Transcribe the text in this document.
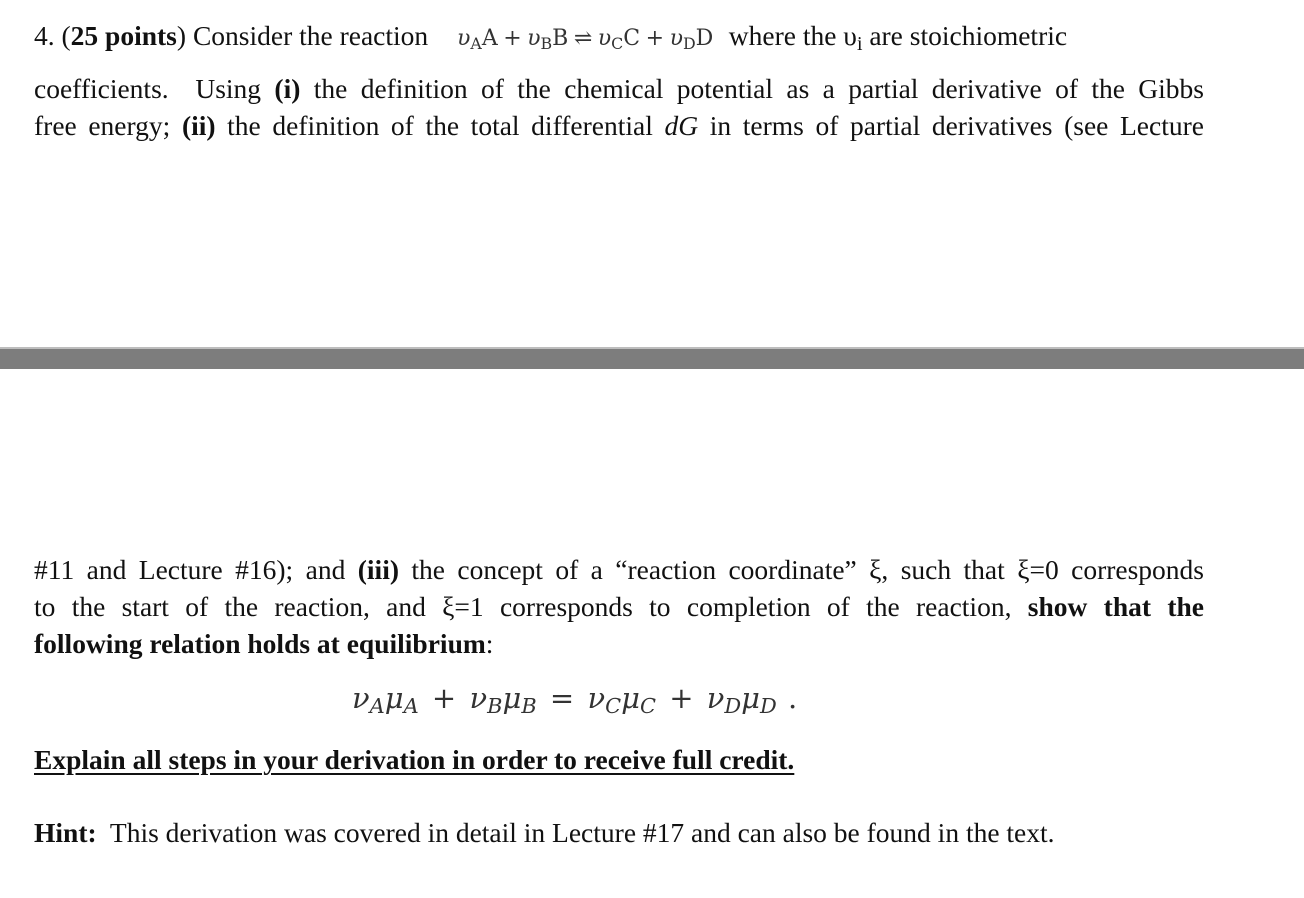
4. (25 points) Consider the reaction $\upsilon_AA + \upsilon_BB$ ⇌ $\upsilon_CC + \upsilon_DD$ where the $\upsilon_i$ are stoichiometric
coefficients.  Using (i) the definition of the chemical potential as a partial derivative of the Gibbs
free energy; (ii) the definition of the total differential dG in terms of partial derivatives (see Lecture
#11 and Lecture #16); and (iii) the concept of a “reaction coordinate” ξ, such that ξ=0 corresponds
to the start of the reaction, and ξ=1 corresponds to completion of the reaction, show that the
following relation holds at equilibrium:
$\nu_A\mu_A + \nu_B\mu_B = \nu_C\mu_C + \nu_D\mu_D$ .
Explain all steps in your derivation in order to receive full credit.
Hint:  This derivation was covered in detail in Lecture #17 and can also be found in the text.
